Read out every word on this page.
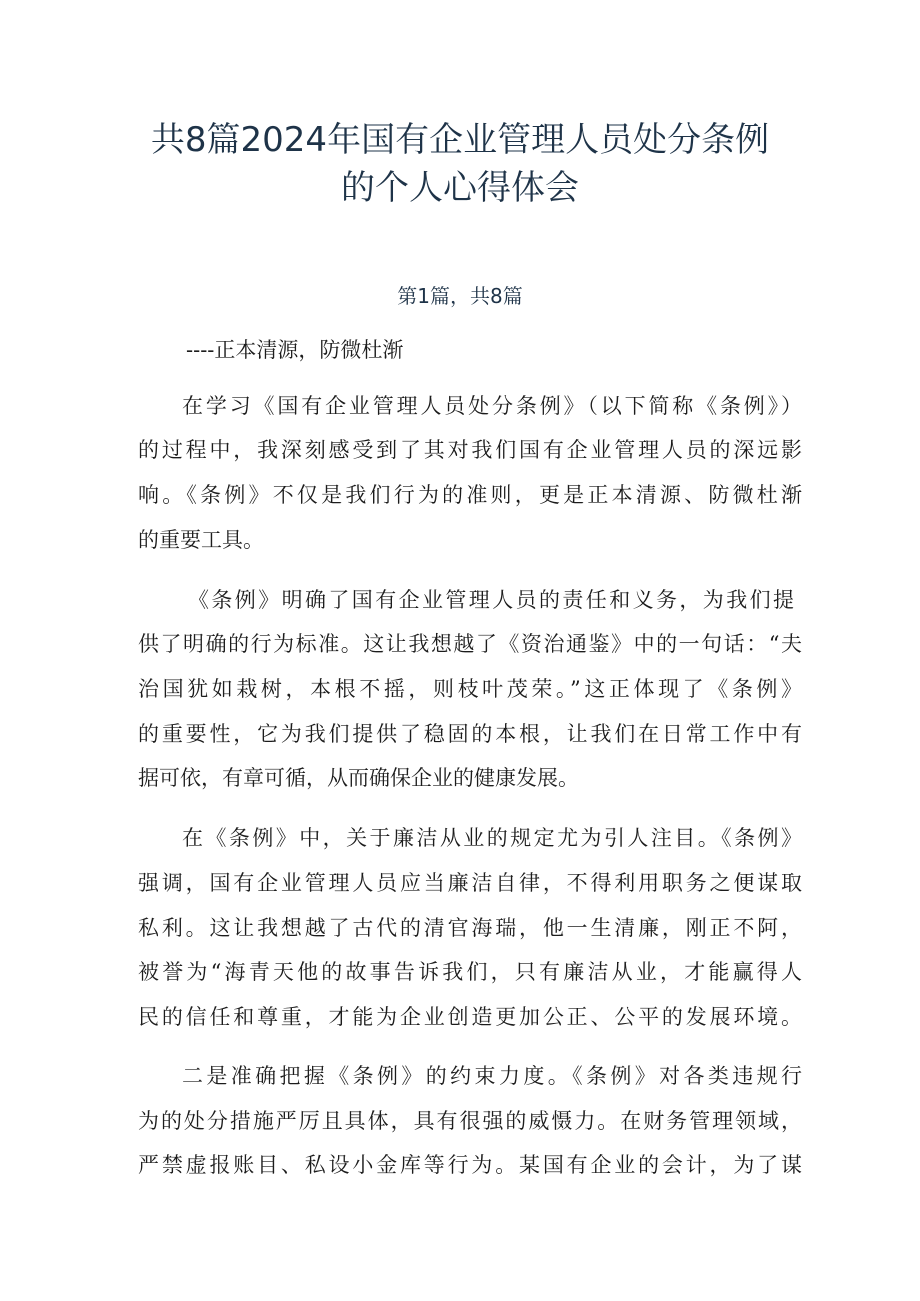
共8篇2024年国有企业管理人员处分条例
的个人心得体会
第1篇，共8篇
----正本清源，防微杜渐
在学习《国有企业管理人员处分条例》（以下简称《条例》）
的过程中，我深刻感受到了其对我们国有企业管理人员的深远影
响。《条例》不仅是我们行为的准则，更是正本清源、防微杜渐
的重要工具。
《条例》明确了国有企业管理人员的责任和义务，为我们提
供了明确的行为标准。这让我想越了《资治通鉴》中的一句话：“夫
治国犹如栽树，本根不摇，则枝叶茂荣。”这正体现了《条例》
的重要性，它为我们提供了稳固的本根，让我们在日常工作中有
据可依，有章可循，从而确保企业的健康发展。
在《条例》中，关于廉洁从业的规定尤为引人注目。《条例》
强调，国有企业管理人员应当廉洁自律，不得利用职务之便谋取
私利。这让我想越了古代的清官海瑞，他一生清廉，刚正不阿，
被誉为“海青天他的故事告诉我们，只有廉洁从业，才能赢得人
民的信任和尊重，才能为企业创造更加公正、公平的发展环境。
二是准确把握《条例》的约束力度。《条例》对各类违规行
为的处分措施严厉且具体，具有很强的威慑力。在财务管理领域，
严禁虚报账目、私设小金库等行为。某国有企业的会计，为了谋
